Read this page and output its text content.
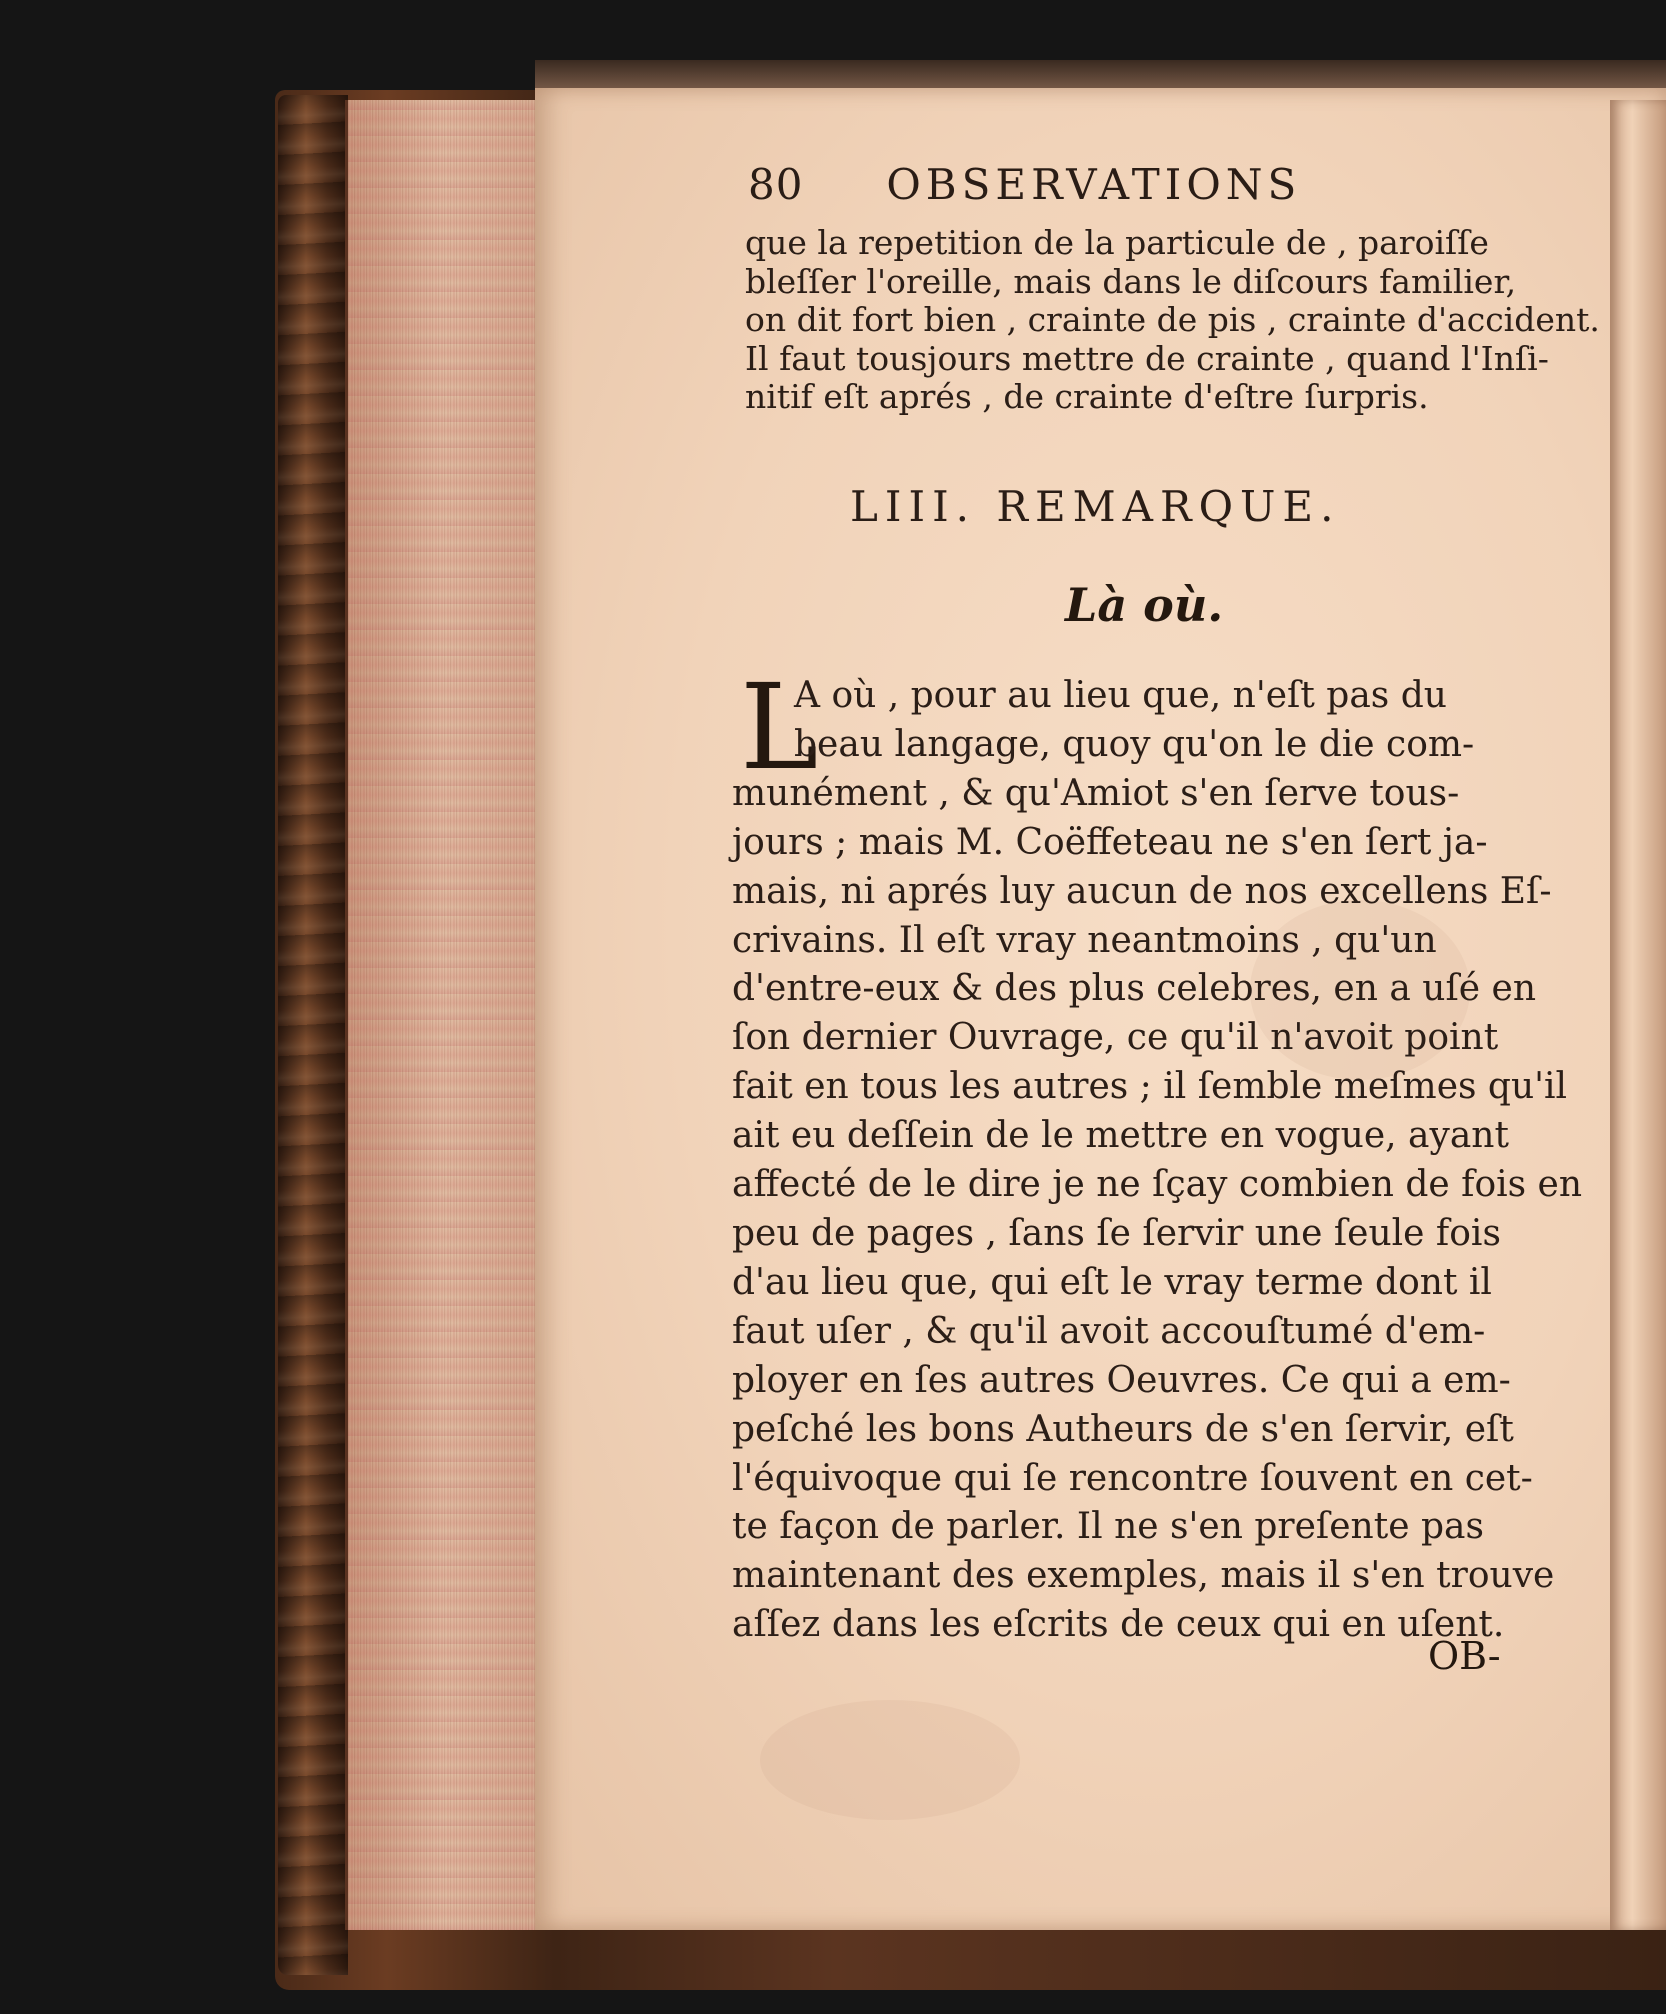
80 OBSERVATIONS
que la repetition de la particule de , paroiſſe
bleſſer l'oreille, mais dans le diſcours familier,
on dit fort bien , crainte de pis , crainte d'accident.
Il faut tousjours mettre de crainte , quand l'Inſi-
nitif eſt aprés , de crainte d'eſtre ſurpris.
LIII. REMARQUE.
Là où.
L
A où , pour au lieu que, n'eſt pas du
beau langage, quoy qu'on le die com-
munément , & qu'Amiot s'en ſerve tous-
jours ; mais M. Coëffeteau ne s'en ſert ja-
mais, ni aprés luy aucun de nos excellens Eſ-
crivains. Il eſt vray neantmoins , qu'un
d'entre-eux & des plus celebres, en a uſé en
ſon dernier Ouvrage, ce qu'il n'avoit point
fait en tous les autres ; il ſemble meſmes qu'il
ait eu deſſein de le mettre en vogue, ayant
affecté de le dire je ne ſçay combien de fois en
peu de pages , ſans ſe ſervir une ſeule fois
d'au lieu que, qui eſt le vray terme dont il
faut uſer , & qu'il avoit accouſtumé d'em-
ployer en ſes autres Oeuvres. Ce qui a em-
peſché les bons Autheurs de s'en ſervir, eſt
l'équivoque qui ſe rencontre ſouvent en cet-
te façon de parler. Il ne s'en preſente pas
maintenant des exemples, mais il s'en trouve
aſſez dans les eſcrits de ceux qui en uſent.
OB-
